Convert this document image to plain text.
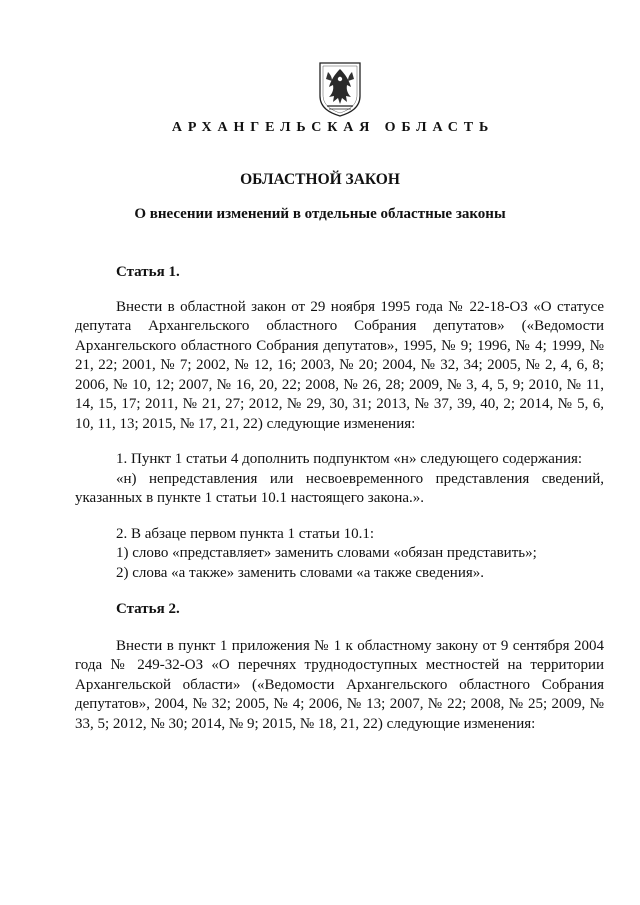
АРХАНГЕЛЬСКАЯ ОБЛАСТЬ
ОБЛАСТНОЙ ЗАКОН
О внесении изменений в отдельные областные законы

Статья 1.

Внести в областной закон от 29 ноября 1995 года № 22-18-ОЗ «О статусе депутата Архангельского областного Собрания депутатов» («Ведомости Архангельского областного Собрания депутатов», 1995, № 9; 1996, № 4; 1999, № 21, 22; 2001, № 7; 2002, № 12, 16; 2003, № 20; 2004, № 32, 34; 2005, № 2, 4, 6, 8; 2006, № 10, 12; 2007, № 16, 20, 22; 2008, № 26, 28; 2009, № 3, 4, 5, 9; 2010, № 11, 14, 15, 17; 2011, № 21, 27; 2012, № 29, 30, 31; 2013, № 37, 39, 40, 2; 2014, № 5, 6, 10, 11, 13; 2015, № 17, 21, 22) следующие изменения:

1. Пункт 1 статьи 4 дополнить подпунктом «н» следующего содержания:

«н) непредставления или несвоевременного представления сведений, указанных в пункте 1 статьи 10.1 настоящего закона.».

2. В абзаце первом пункта 1 статьи 10.1:

1) слово «представляет» заменить словами «обязан представить»;

2) слова «а также» заменить словами «а также сведения».

Статья 2.

Внести в пункт 1 приложения № 1 к областному закону от 9 сентября 2004 года № 249-32-ОЗ «О перечнях труднодоступных местностей на территории Архангельской области» («Ведомости Архангельского областного Собрания депутатов», 2004, № 32; 2005, № 4; 2006, № 13; 2007, № 22; 2008, № 25; 2009, № 33, 5; 2012, № 30; 2014, № 9; 2015, № 18, 21, 22) следующие изменения:
